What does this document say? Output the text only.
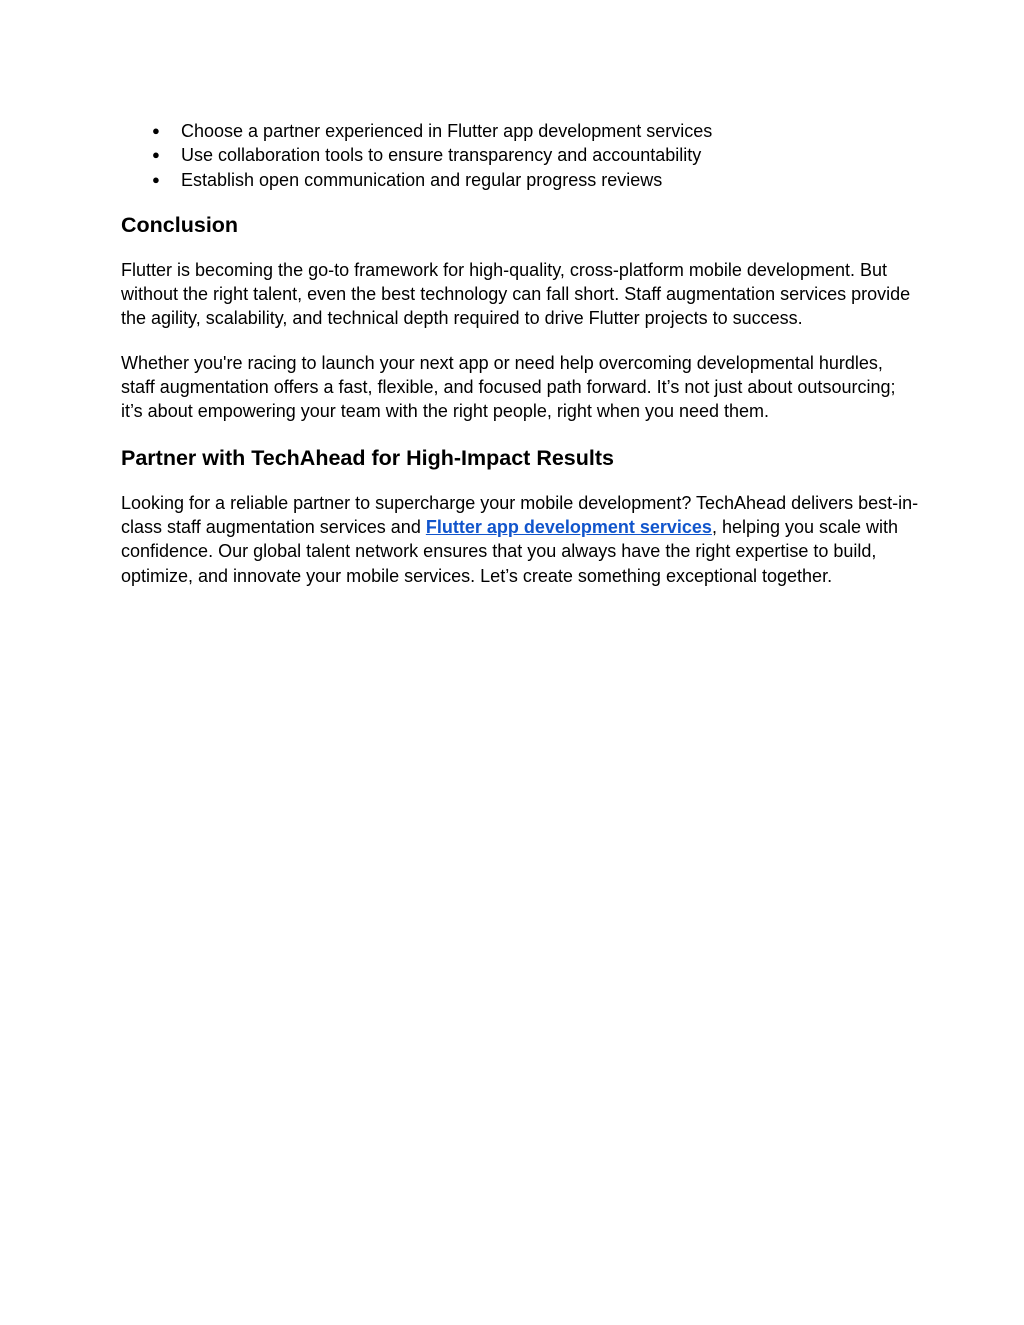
● Choose a partner experienced in Flutter app development services
● Use collaboration tools to ensure transparency and accountability
● Establish open communication and regular progress reviews
Conclusion

Flutter is becoming the go-to framework for high-quality, cross-platform mobile development. But without the right talent, even the best technology can fall short. Staff augmentation services provide the agility, scalability, and technical depth required to drive Flutter projects to success.

Whether you're racing to launch your next app or need help overcoming developmental hurdles, staff augmentation offers a fast, flexible, and focused path forward. It’s not just about outsourcing; it’s about empowering your team with the right people, right when you need them.

Partner with TechAhead for High-Impact Results

Looking for a reliable partner to supercharge your mobile development? TechAhead delivers best-in-class staff augmentation services and Flutter app development services, helping you scale with confidence. Our global talent network ensures that you always have the right expertise to build, optimize, and innovate your mobile services. Let’s create something exceptional together.
